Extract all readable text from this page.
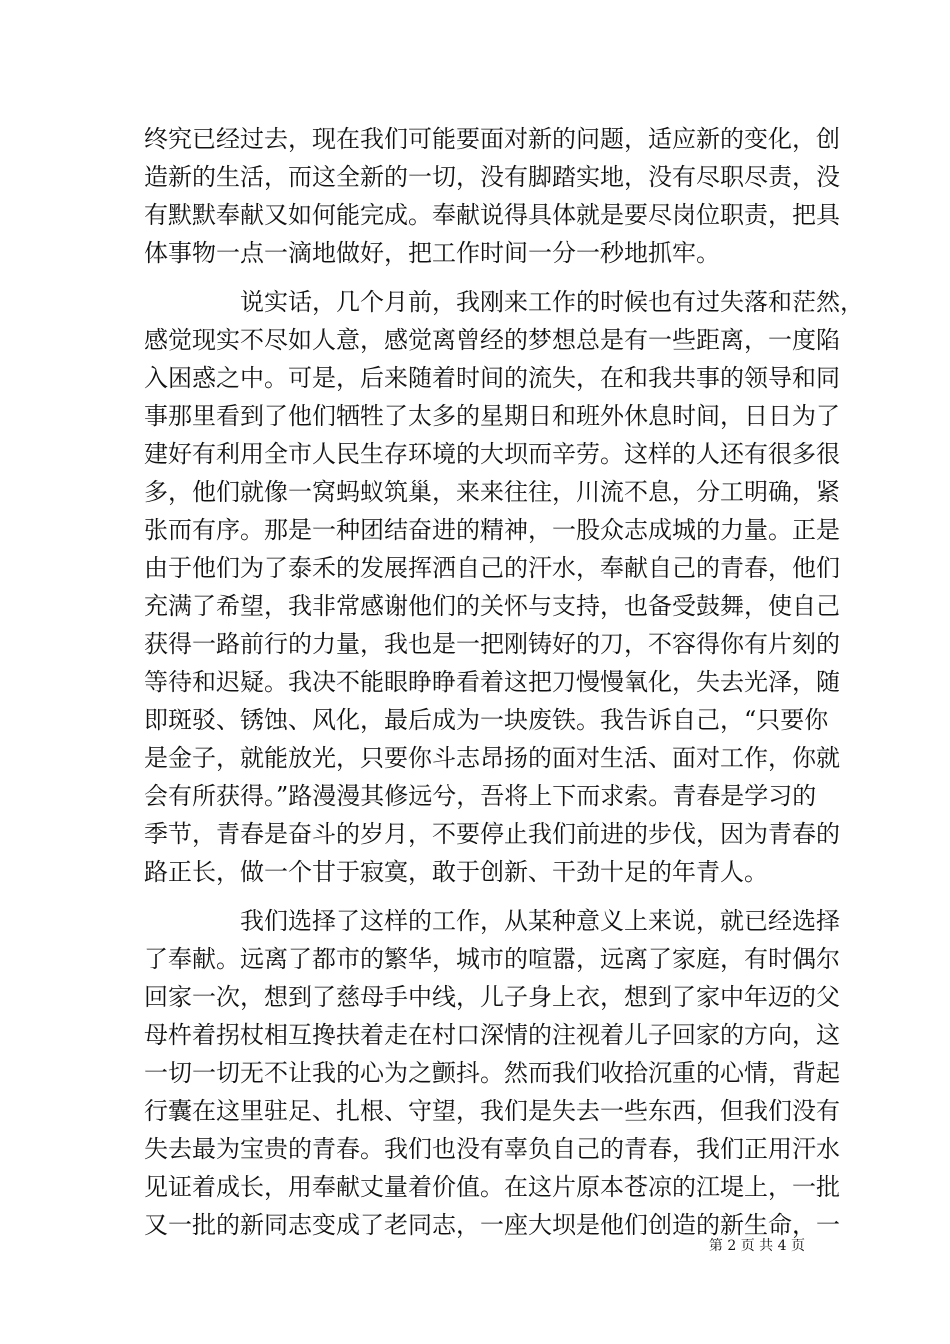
终究已经过去，现在我们可能要面对新的问题，适应新的变化，创
造新的生活，而这全新的一切，没有脚踏实地，没有尽职尽责，没
有默默奉献又如何能完成。奉献说得具体就是要尽岗位职责，把具
体事物一点一滴地做好，把工作时间一分一秒地抓牢。
说实话，几个月前，我刚来工作的时候也有过失落和茫然，
感觉现实不尽如人意，感觉离曾经的梦想总是有一些距离，一度陷
入困惑之中。可是，后来随着时间的流失，在和我共事的领导和同
事那里看到了他们牺牲了太多的星期日和班外休息时间，日日为了
建好有利用全市人民生存环境的大坝而辛劳。这样的人还有很多很
多，他们就像一窝蚂蚁筑巢，来来往往，川流不息，分工明确，紧
张而有序。那是一种团结奋进的精神，一股众志成城的力量。正是
由于他们为了泰禾的发展挥洒自己的汗水，奉献自己的青春，他们
充满了希望，我非常感谢他们的关怀与支持，也备受鼓舞，使自己
获得一路前行的力量，我也是一把刚铸好的刀，不容得你有片刻的
等待和迟疑。我决不能眼睁睁看着这把刀慢慢氧化，失去光泽，随
即斑驳、锈蚀、风化，最后成为一块废铁。我告诉自己，“只要你
是金子，就能放光，只要你斗志昂扬的面对生活、面对工作，你就
会有所获得。”路漫漫其修远兮，吾将上下而求索。青春是学习的
季节，青春是奋斗的岁月，不要停止我们前进的步伐，因为青春的
路正长，做一个甘于寂寞，敢于创新、干劲十足的年青人。
我们选择了这样的工作，从某种意义上来说，就已经选择
了奉献。远离了都市的繁华，城市的喧嚣，远离了家庭，有时偶尔
回家一次，想到了慈母手中线，儿子身上衣，想到了家中年迈的父
母杵着拐杖相互搀扶着走在村口深情的注视着儿子回家的方向，这
一切一切无不让我的心为之颤抖。然而我们收拾沉重的心情，背起
行囊在这里驻足、扎根、守望，我们是失去一些东西，但我们没有
失去最为宝贵的青春。我们也没有辜负自己的青春，我们正用汗水
见证着成长，用奉献丈量着价值。在这片原本苍凉的江堤上，一批
又一批的新同志变成了老同志，一座大坝是他们创造的新生命，一
第 2 页 共 4 页
